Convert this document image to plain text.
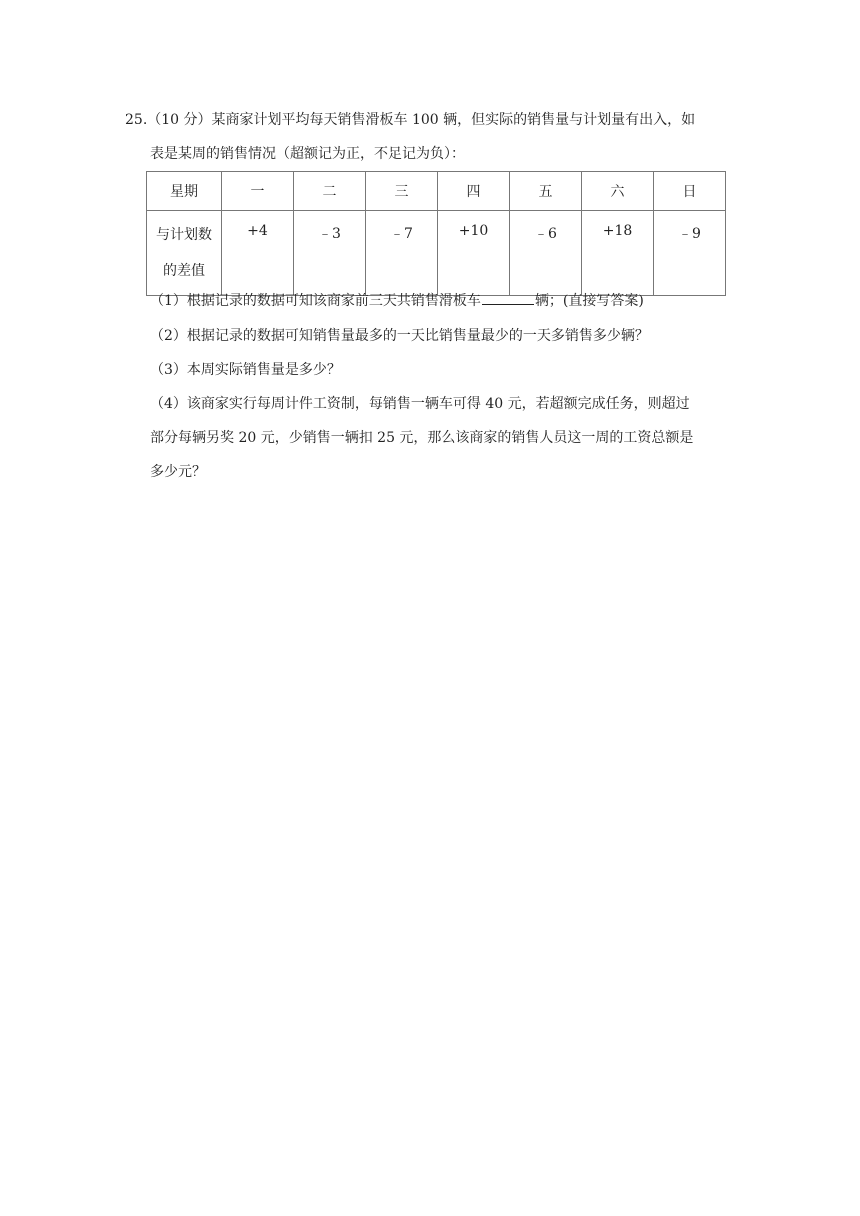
25.（10 分）某商家计划平均每天销售滑板车 100 辆，但实际的销售量与计划量有出入，如
表是某周的销售情况（超额记为正，不足记为负）：
星期	一	二	三	四	五	六	日

与计划数
的差值	+4	﹣3	﹣7	+10	﹣6	+18	﹣9
（1）根据记录的数据可知该商家前三天共销售滑板车	辆；(直接写答案)
（2）根据记录的数据可知销售量最多的一天比销售量最少的一天多销售多少辆？
（3）本周实际销售量是多少？
（4）该商家实行每周计件工资制，每销售一辆车可得 40 元，若超额完成任务，则超过
部分每辆另奖 20 元，少销售一辆扣 25 元，那么该商家的销售人员这一周的工资总额是
多少元？
